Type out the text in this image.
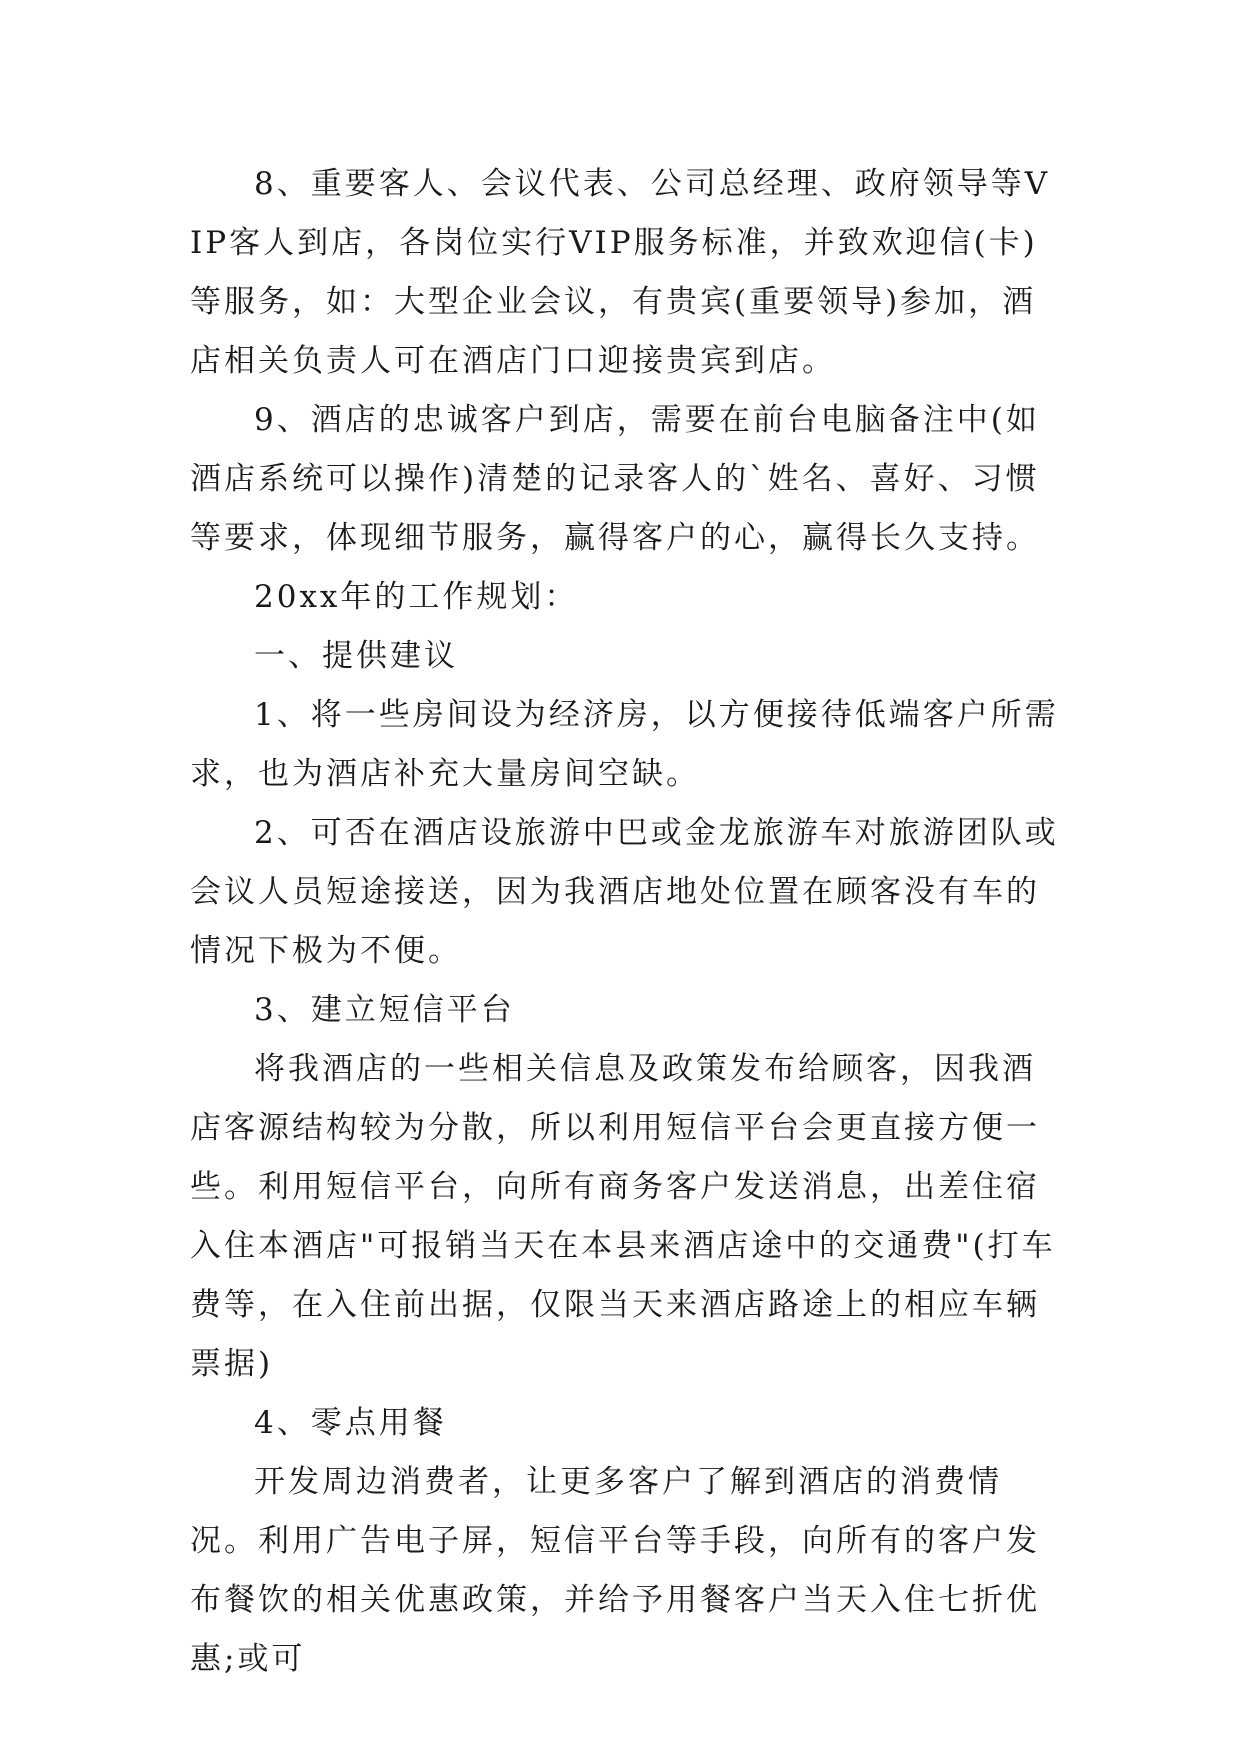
8、重要客人、会议代表、公司总经理、政府领导等VIP客人到店，各岗位实行VIP服务标准，并致欢迎信(卡)等服务，如：大型企业会议，有贵宾(重要领导)参加，酒店相关负责人可在酒店门口迎接贵宾到店。

9、酒店的忠诚客户到店，需要在前台电脑备注中(如酒店系统可以操作)清楚的记录客人的`姓名、喜好、习惯等要求，体现细节服务，赢得客户的心，赢得长久支持。

20xx年的工作规划：

一、提供建议

1、将一些房间设为经济房，以方便接待低端客户所需求，也为酒店补充大量房间空缺。

2、可否在酒店设旅游中巴或金龙旅游车对旅游团队或会议人员短途接送，因为我酒店地处位置在顾客没有车的情况下极为不便。

3、建立短信平台

将我酒店的一些相关信息及政策发布给顾客，因我酒店客源结构较为分散，所以利用短信平台会更直接方便一些。利用短信平台，向所有商务客户发送消息，出差住宿入住本酒店"可报销当天在本县来酒店途中的交通费"(打车费等，在入住前出据，仅限当天来酒店路途上的相应车辆票据)

4、零点用餐

开发周边消费者，让更多客户了解到酒店的消费情况。利用广告电子屏，短信平台等手段，向所有的客户发布餐饮的相关优惠政策，并给予用餐客户当天入住七折优惠;或可
